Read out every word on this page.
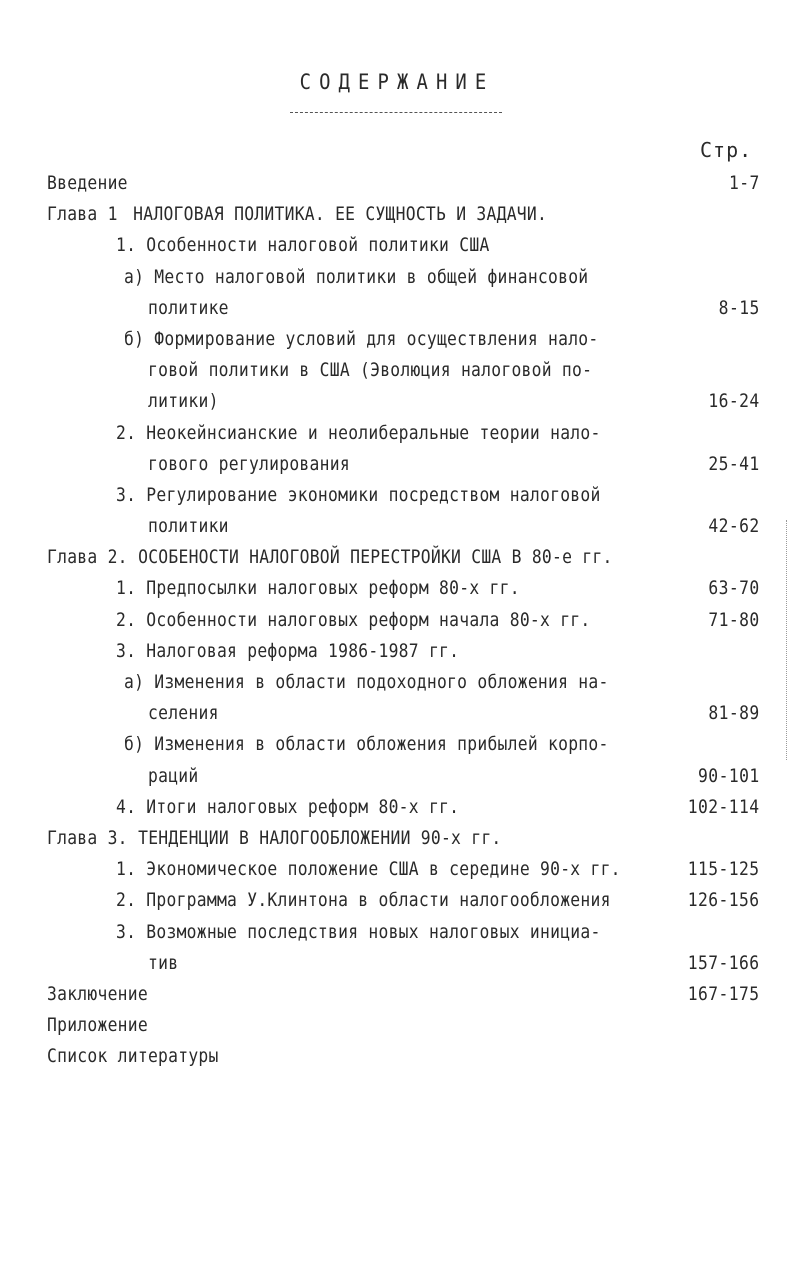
СОДЕРЖАНИЕ
Стр.
Введение	1-7
Глава 1 НАЛОГОВАЯ ПОЛИТИКА. ЕЕ СУЩНОСТЬ И ЗАДАЧИ.
1. Особенности налоговой политики США
а) Место налоговой политики в общей финансовой
политике	8-15
б) Формирование условий для осуществления нало-
говой политики в США (Эволюция налоговой по-
литики)	16-24
2. Неокейнсианские и неолиберальные теории нало-
гового регулирования	25-41
3. Регулирование экономики посредством налоговой
политики	42-62
Глава 2. ОСОБЕНОСТИ НАЛОГОВОЙ ПЕРЕСТРОЙКИ США В 80-е гг.
1. Предпосылки налоговых реформ 80-х гг.	63-70
2. Особенности налоговых реформ начала 80-х гг.	71-80
3. Налоговая реформа 1986-1987 гг.
а) Изменения в области подоходного обложения на-
селения	81-89
б) Изменения в области обложения прибылей корпо-
раций	90-101
4. Итоги налоговых реформ 80-х гг.	102-114
Глава 3. ТЕНДЕНЦИИ В НАЛОГООБЛОЖЕНИИ 90-х гг.
1. Экономическое положение США в середине 90-х гг.	115-125
2. Программа У.Клинтона в области налогообложения	126-156
3. Возможные последствия новых налоговых инициа-
тив	157-166
Заключение	167-175
Приложение
Список литературы
